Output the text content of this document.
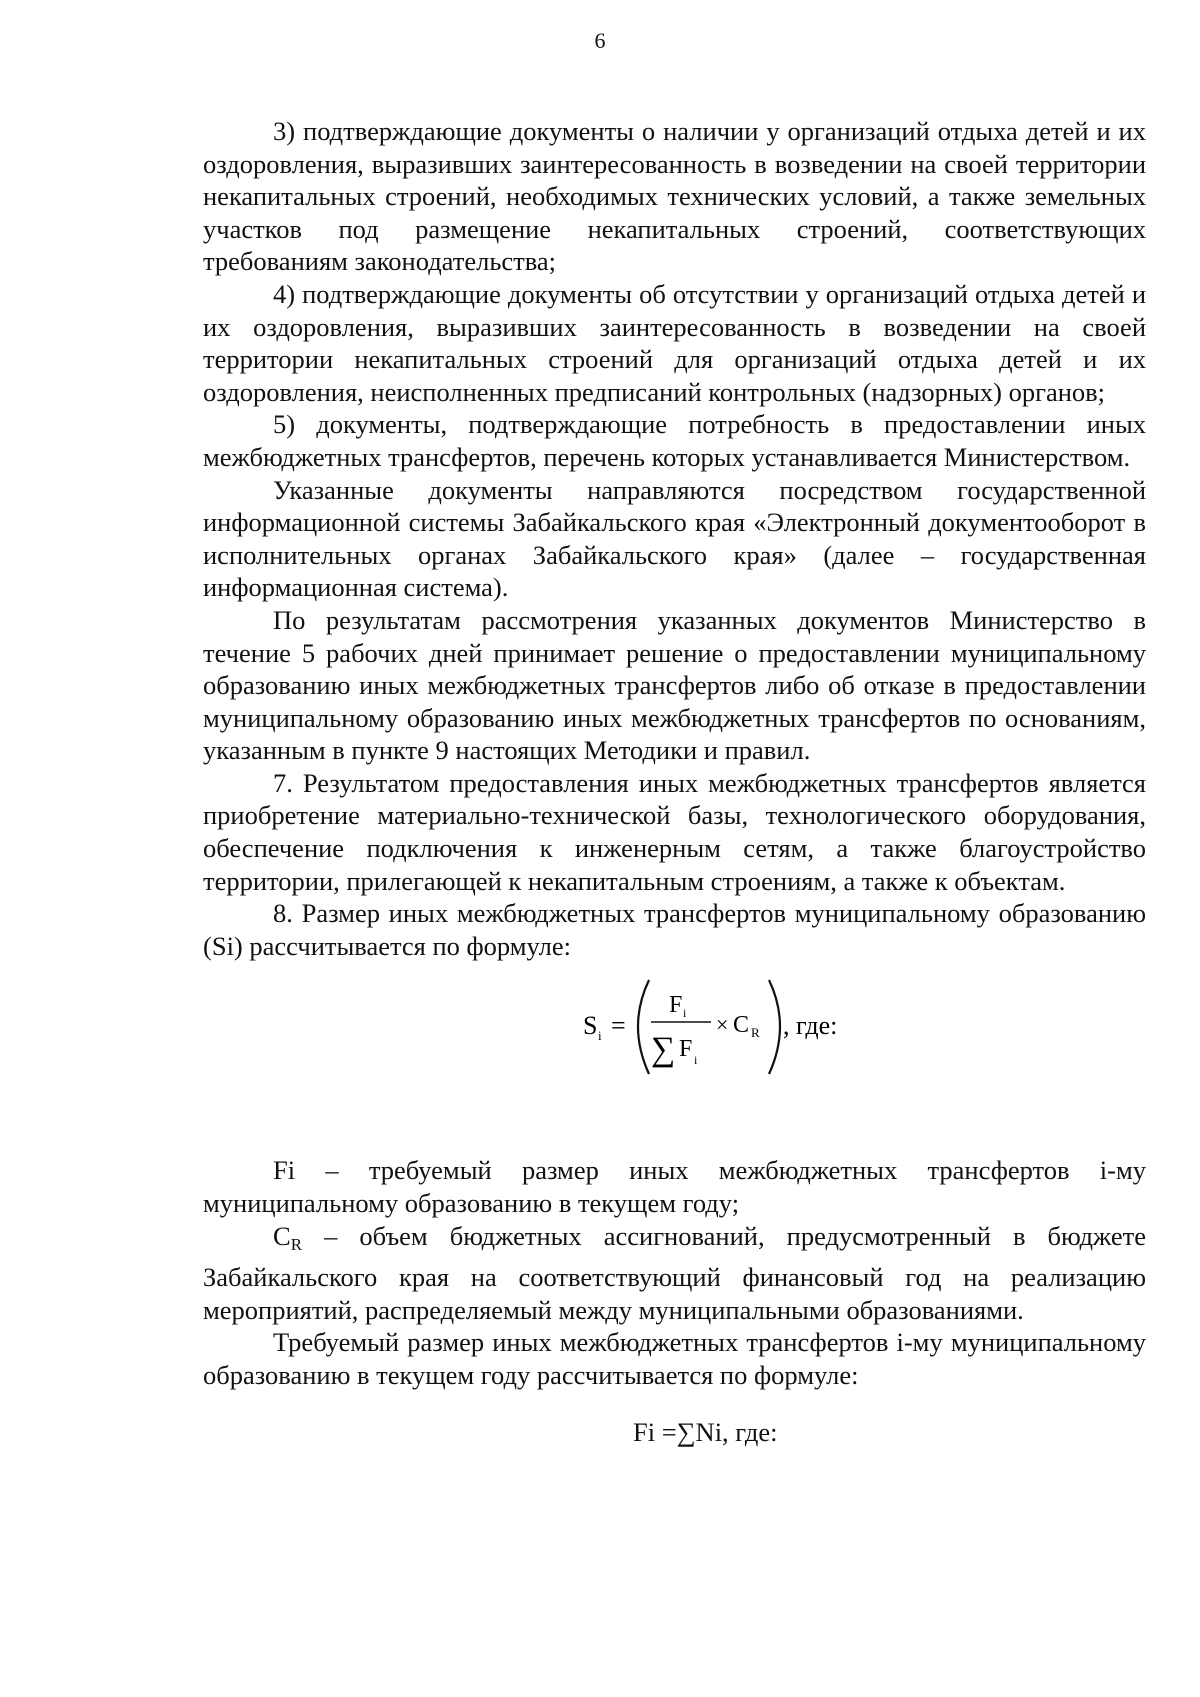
6

3) подтверждающие документы о наличии у организаций отдыха детей и их оздоровления, выразивших заинтересованность в возведении на своей территории некапитальных строений, необходимых технических условий, а также земельных участков под размещение некапитальных строений, соответствующих требованиям законодательства;

4) подтверждающие документы об отсутствии у организаций отдыха детей и их оздоровления, выразивших заинтересованность в возведении на своей территории некапитальных строений для организаций отдыха детей и их оздоровления, неисполненных предписаний контрольных (надзорных) органов;

5) документы, подтверждающие потребность в предоставлении иных межбюджетных трансфертов, перечень которых устанавливается Министерством.

Указанные документы направляются посредством государственной информационной системы Забайкальского края «Электронный документооборот в исполнительных органах Забайкальского края» (далее – государственная информационная система).

По результатам рассмотрения указанных документов Министерство в течение 5 рабочих дней принимает решение о предоставлении муниципальному образованию иных межбюджетных трансфертов либо об отказе в предоставлении муниципальному образованию иных межбюджетных трансфертов по основаниям, указанным в пункте 9 настоящих Методики и правил.

7. Результатом предоставления иных межбюджетных трансфертов является приобретение материально-технической базы, технологического оборудования, обеспечение подключения к инженерным сетям, а также благоустройство территории, прилегающей к некапитальным строениям, а также к объектам.

8. Размер иных межбюджетных трансфертов муниципальному образованию (Si) рассчитывается по формуле:

S i =
F i
∑ F i
× C R , где:

Fi – требуемый размер иных межбюджетных трансфертов i-му муниципальному образованию в текущем году;

CR – объем бюджетных ассигнований, предусмотренный в бюджете Забайкальского края на соответствующий финансовый год на реализацию мероприятий, распределяемый между муниципальными образованиями.

Требуемый размер иных межбюджетных трансфертов i-му муниципальному образованию в текущем году рассчитывается по формуле:

Fi =∑Ni, где:
